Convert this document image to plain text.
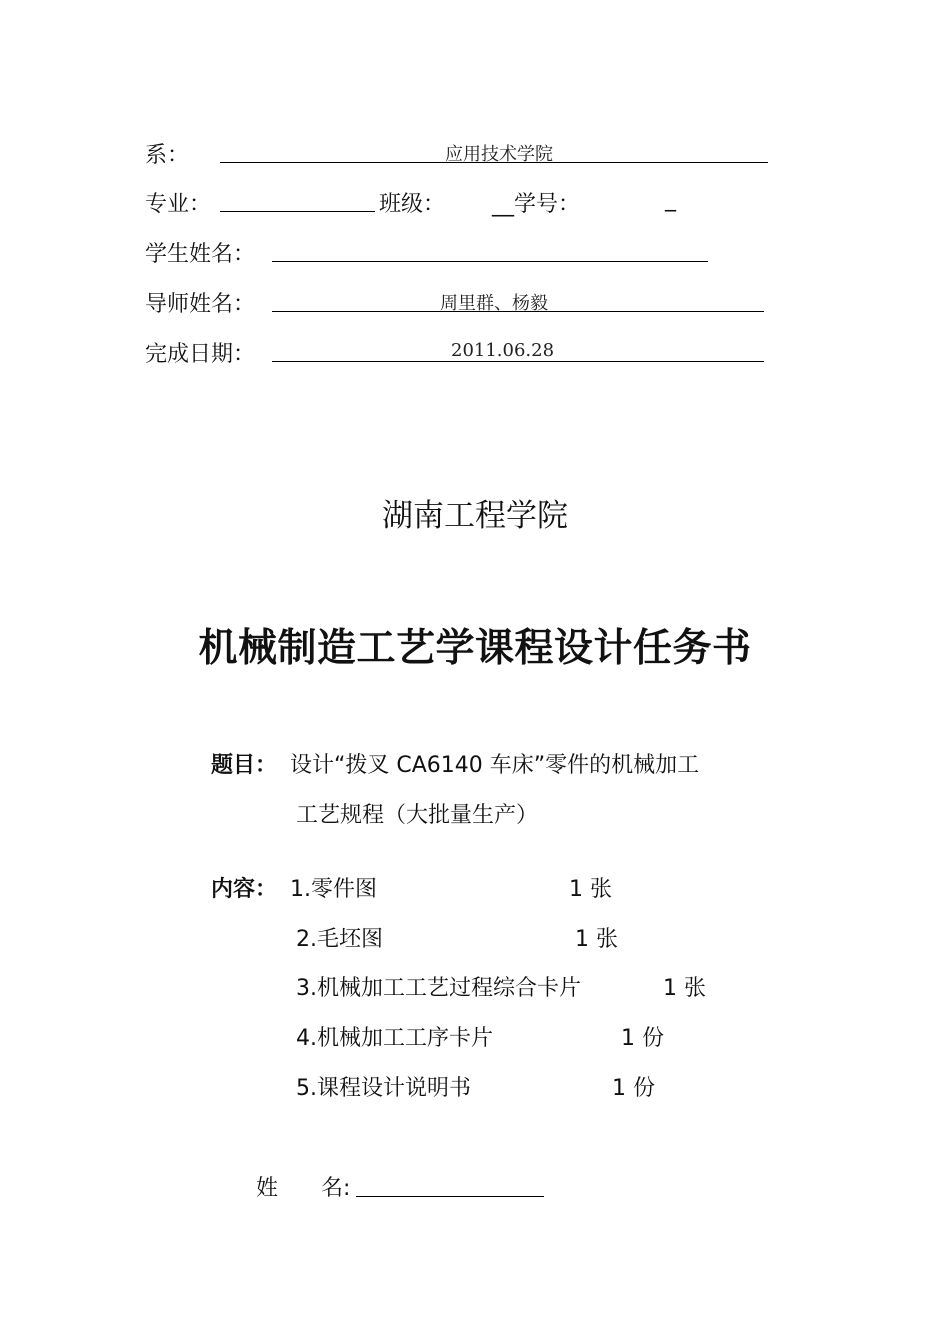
系：	应用技术学院
专业：	班级： __学号：	_
学生姓名：
导师姓名：	周里群、杨毅
完成日期：	2011.06.28
湖南工程学院
机械制造工艺学课程设计任务书
题目： 设计“拨叉 CA6140 车床”零件的机械加工
工艺规程（大批量生产）
内容： 1.零件图	1 张
2.毛坯图	1 张
3.机械加工工艺过程综合卡片	1 张
4.机械加工工序卡片	1 份
5.课程设计说明书	1 份
姓 名:
